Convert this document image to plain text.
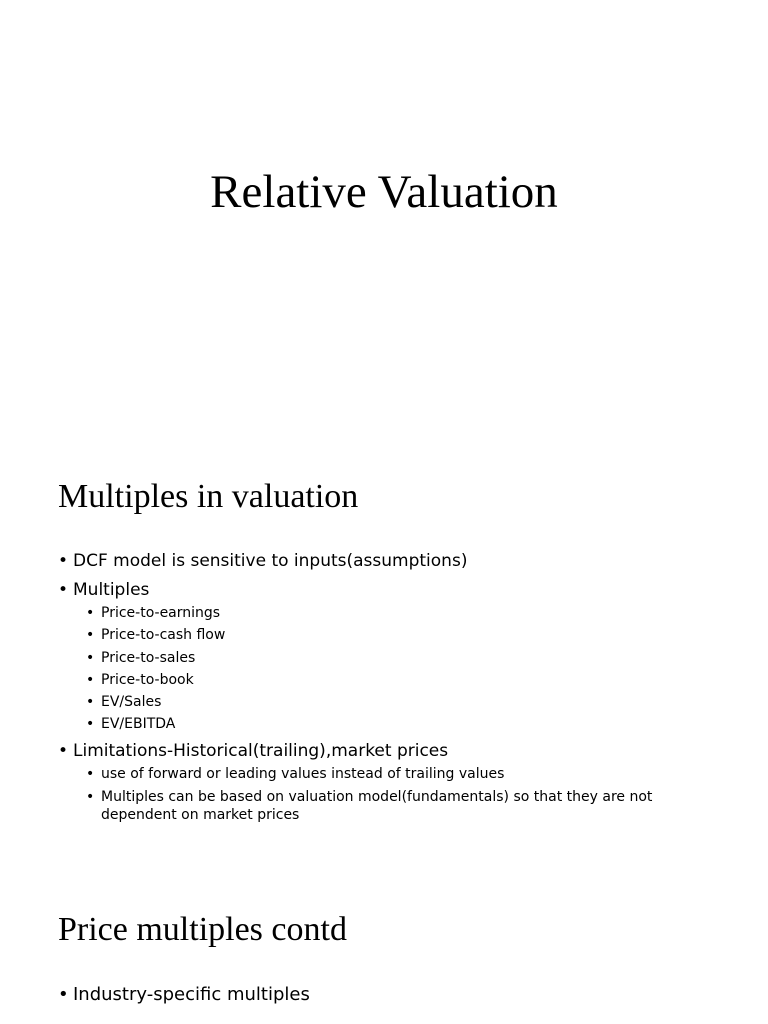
Relative Valuation
Multiples in valuation
• DCF model is sensitive to inputs(assumptions)
• Multiples
• Price-to-earnings
• Price-to-cash flow
• Price-to-sales
• Price-to-book
• EV/Sales
• EV/EBITDA
• Limitations-Historical(trailing),market prices
• use of forward or leading values instead of trailing values
• Multiples can be based on valuation model(fundamentals) so that they are not dependent on market prices
Price multiples contd
• Industry-specific multiples
